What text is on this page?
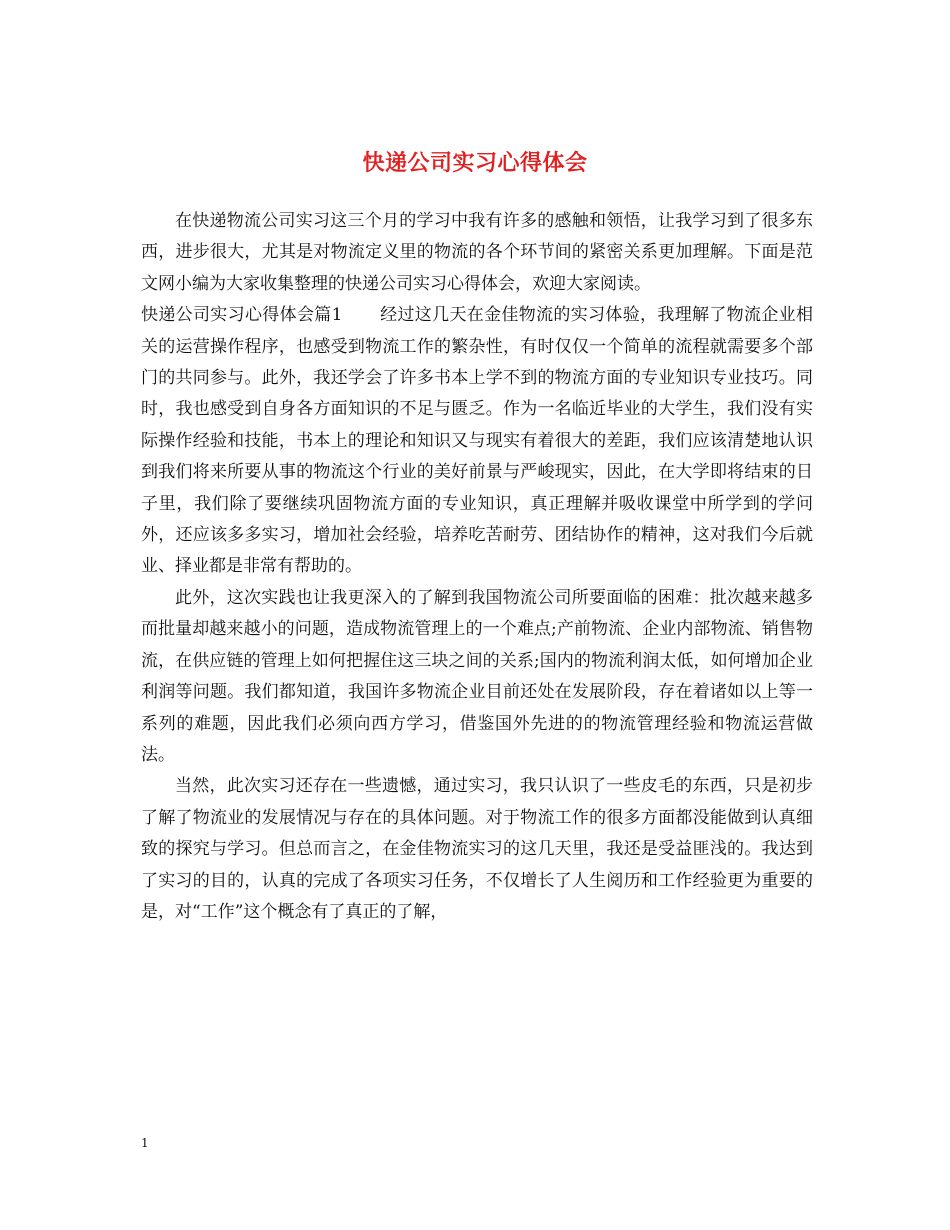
快递公司实习心得体会

在快递物流公司实习这三个月的学习中我有许多的感触和领悟，让我学习到了很多东西，进步很大，尤其是对物流定义里的物流的各个环节间的紧密关系更加理解。下面是范文网小编为大家收集整理的快递公司实习心得体会，欢迎大家阅读。

快递公司实习心得体会篇1 经过这几天在金佳物流的实习体验，我理解了物流企业相关的运营操作程序，也感受到物流工作的繁杂性，有时仅仅一个简单的流程就需要多个部门的共同参与。此外，我还学会了许多书本上学不到的物流方面的专业知识专业技巧。同时，我也感受到自身各方面知识的不足与匮乏。作为一名临近毕业的大学生，我们没有实际操作经验和技能，书本上的理论和知识又与现实有着很大的差距，我们应该清楚地认识到我们将来所要从事的物流这个行业的美好前景与严峻现实，因此，在大学即将结束的日子里，我们除了要继续巩固物流方面的专业知识，真正理解并吸收课堂中所学到的学问外，还应该多多实习，增加社会经验，培养吃苦耐劳、团结协作的精神，这对我们今后就业、择业都是非常有帮助的。

此外，这次实践也让我更深入的了解到我国物流公司所要面临的困难：批次越来越多而批量却越来越小的问题，造成物流管理上的一个难点;产前物流、企业内部物流、销售物流，在供应链的管理上如何把握住这三块之间的关系;国内的物流利润太低，如何增加企业利润等问题。我们都知道，我国许多物流企业目前还处在发展阶段，存在着诸如以上等一系列的难题，因此我们必须向西方学习，借鉴国外先进的的物流管理经验和物流运营做法。

当然，此次实习还存在一些遗憾，通过实习，我只认识了一些皮毛的东西，只是初步了解了物流业的发展情况与存在的具体问题。对于物流工作的很多方面都没能做到认真细致的探究与学习。但总而言之，在金佳物流实习的这几天里，我还是受益匪浅的。我达到了实习的目的，认真的完成了各项实习任务，不仅增长了人生阅历和工作经验更为重要的是，对“工作”这个概念有了真正的了解，

1
